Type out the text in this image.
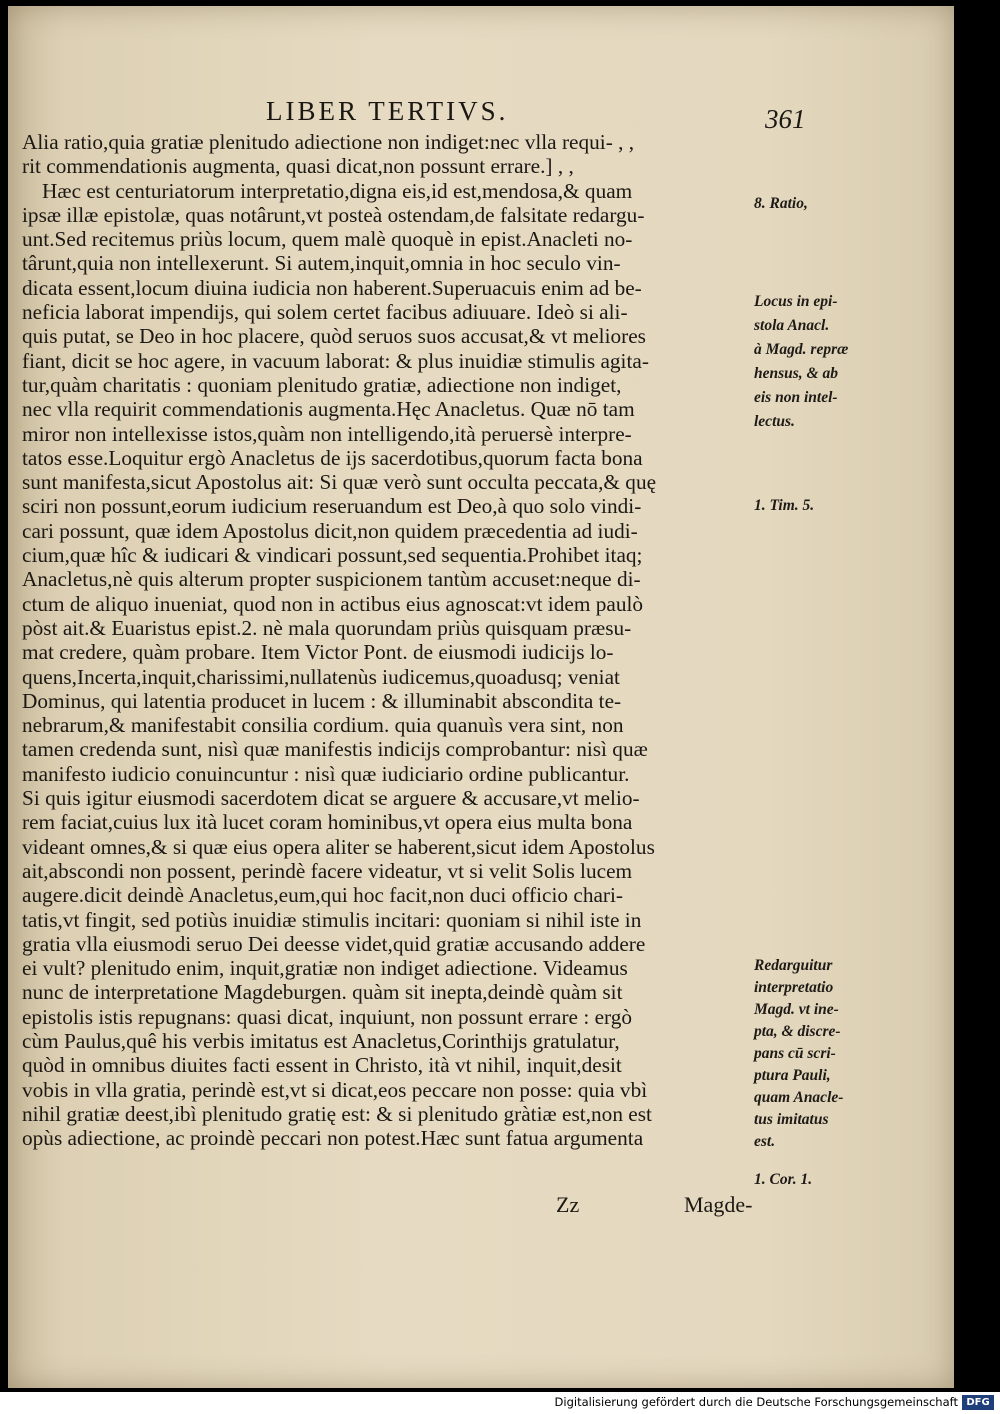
LIBER TERTIVS.	361
Alia ratio,quia gratiæ plenitudo adiectione non indiget:nec vlla requi- , ,
rit commendationis augmenta, quasi dicat,non possunt errare.] , ,
Hæc est centuriatorum interpretatio,digna eis,id est,mendosa,& quam
ipsæ illæ epistolæ, quas notârunt,vt posteà ostendam,de falsitate redargu-
unt.Sed recitemus priùs locum, quem malè quoquè in epist.Anacleti no-
târunt,quia non intellexerunt. Si autem,inquit,omnia in hoc seculo vin-
dicata essent,locum diuina iudicia non haberent.Superuacuis enim ad be-
neficia laborat impendijs, qui solem certet facibus adiuuare. Ideò si ali-
quis putat, se Deo in hoc placere, quòd seruos suos accusat,& vt meliores
fiant, dicit se hoc agere, in vacuum laborat: & plus inuidiæ stimulis agita-
tur,quàm charitatis : quoniam plenitudo gratiæ, adiectione non indiget,
nec vlla requirit commendationis augmenta.Hęc Anacletus. Quæ nō tam
miror non intellexisse istos,quàm non intelligendo,ità peruersè interpre-
tatos esse.Loquitur ergò Anacletus de ijs sacerdotibus,quorum facta bona
sunt manifesta,sicut Apostolus ait: Si quæ verò sunt occulta peccata,& quę
sciri non possunt,eorum iudicium reseruandum est Deo,à quo solo vindi-
cari possunt, quæ idem Apostolus dicit,non quidem præcedentia ad iudi-
cium,quæ hîc & iudicari & vindicari possunt,sed sequentia.Prohibet itaq;
Anacletus,nè quis alterum propter suspicionem tantùm accuset:neque di-
ctum de aliquo inueniat, quod non in actibus eius agnoscat:vt idem paulò
pòst ait.& Euaristus epist.2. nè mala quorundam priùs quisquam præsu-
mat credere, quàm probare. Item Victor Pont. de eiusmodi iudicijs lo-
quens,Incerta,inquit,charissimi,nullatenùs iudicemus,quoadusq; veniat
Dominus, qui latentia producet in lucem : & illuminabit abscondita te-
nebrarum,& manifestabit consilia cordium. quia quanuìs vera sint, non
tamen credenda sunt, nisì quæ manifestis indicijs comprobantur: nisì quæ
manifesto iudicio conuincuntur : nisì quæ iudiciario ordine publicantur.
Si quis igitur eiusmodi sacerdotem dicat se arguere & accusare,vt melio-
rem faciat,cuius lux ità lucet coram hominibus,vt opera eius multa bona
videant omnes,& si quæ eius opera aliter se haberent,sicut idem Apostolus
ait,abscondi non possent, perindè facere videatur, vt si velit Solis lucem
augere.dicit deindè Anacletus,eum,qui hoc facit,non duci officio chari-
tatis,vt fingit, sed potiùs inuidiæ stimulis incitari: quoniam si nihil iste in
gratia vlla eiusmodi seruo Dei deesse videt,quid gratiæ accusando addere
ei vult? plenitudo enim, inquit,gratiæ non indiget adiectione. Videamus
nunc de interpretatione Magdeburgen. quàm sit inepta,deindè quàm sit
epistolis istis repugnans: quasi dicat, inquiunt, non possunt errare : ergò
cùm Paulus,quê his verbis imitatus est Anacletus,Corinthijs gratulatur,
quòd in omnibus diuites facti essent in Christo, ità vt nihil, inquit,desit
vobis in vlla gratia, perindè est,vt si dicat,eos peccare non posse: quia vbì
nihil gratiæ deest,ibì plenitudo gratię est: & si plenitudo gràtiæ est,non est
opùs adiectione, ac proindè peccari non potest.Hæc sunt fatua argumenta
8. Ratio,
Locus in epi-
stola Anacl.
à Magd. repræ
hensus, & ab
eis non intel-
lectus.
1. Tim. 5.
Redarguitur
interpretatio
Magd. vt ine-
pta, & discre-
pans cū scri-
ptura Pauli,
quam Anacle-
tus imitatus
est.
1. Cor. 1.
Zz	Magde-
Digitalisierung gefördert durch die Deutsche Forschungsgemeinschaft DFG
